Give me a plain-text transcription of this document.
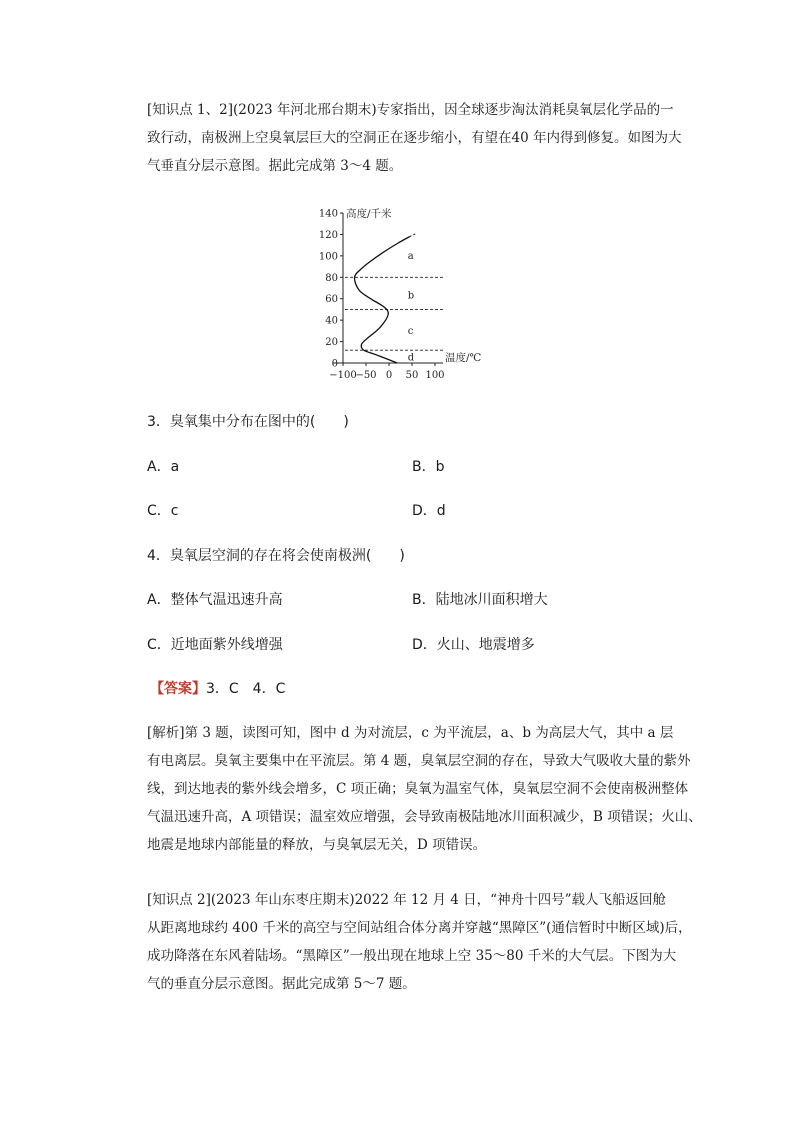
[知识点 1、2](2023 年河北邢台期末)专家指出，因全球逐步淘汰消耗臭氧层化学品的一
致行动，南极洲上空臭氧层巨大的空洞正在逐步缩小，有望在40 年内得到修复。如图为大
气垂直分层示意图。据此完成第 3～4 题。
0
20
40
60
80
100
120
140
−100
−50 0 50 100
高度/千米
温度/℃
a
b
c
d
3．臭氧集中分布在图中的(　　)
A．a	B．b
C．c	D．d
4．臭氧层空洞的存在将会使南极洲(　　)
A．整体气温迅速升高	B．陆地冰川面积增大
C．近地面紫外线增强	D．火山、地震增多
【答案】3．C　4．C
[解析]第 3 题，读图可知，图中 d 为对流层，c 为平流层，a、b 为高层大气，其中 a 层
有电离层。臭氧主要集中在平流层。第 4 题，臭氧层空洞的存在，导致大气吸收大量的紫外
线，到达地表的紫外线会增多，C 项正确；臭氧为温室气体，臭氧层空洞不会使南极洲整体
气温迅速升高，A 项错误；温室效应增强，会导致南极陆地冰川面积减少，B 项错误；火山、
地震是地球内部能量的释放，与臭氧层无关，D 项错误。
[知识点 2](2023 年山东枣庄期末)2022 年 12 月 4 日，“神舟十四号”载人飞船返回舱
从距离地球约 400 千米的高空与空间站组合体分离并穿越“黑障区”(通信暂时中断区域)后，
成功降落在东风着陆场。“黑障区”一般出现在地球上空 35～80 千米的大气层。下图为大
气的垂直分层示意图。据此完成第 5～7 题。
